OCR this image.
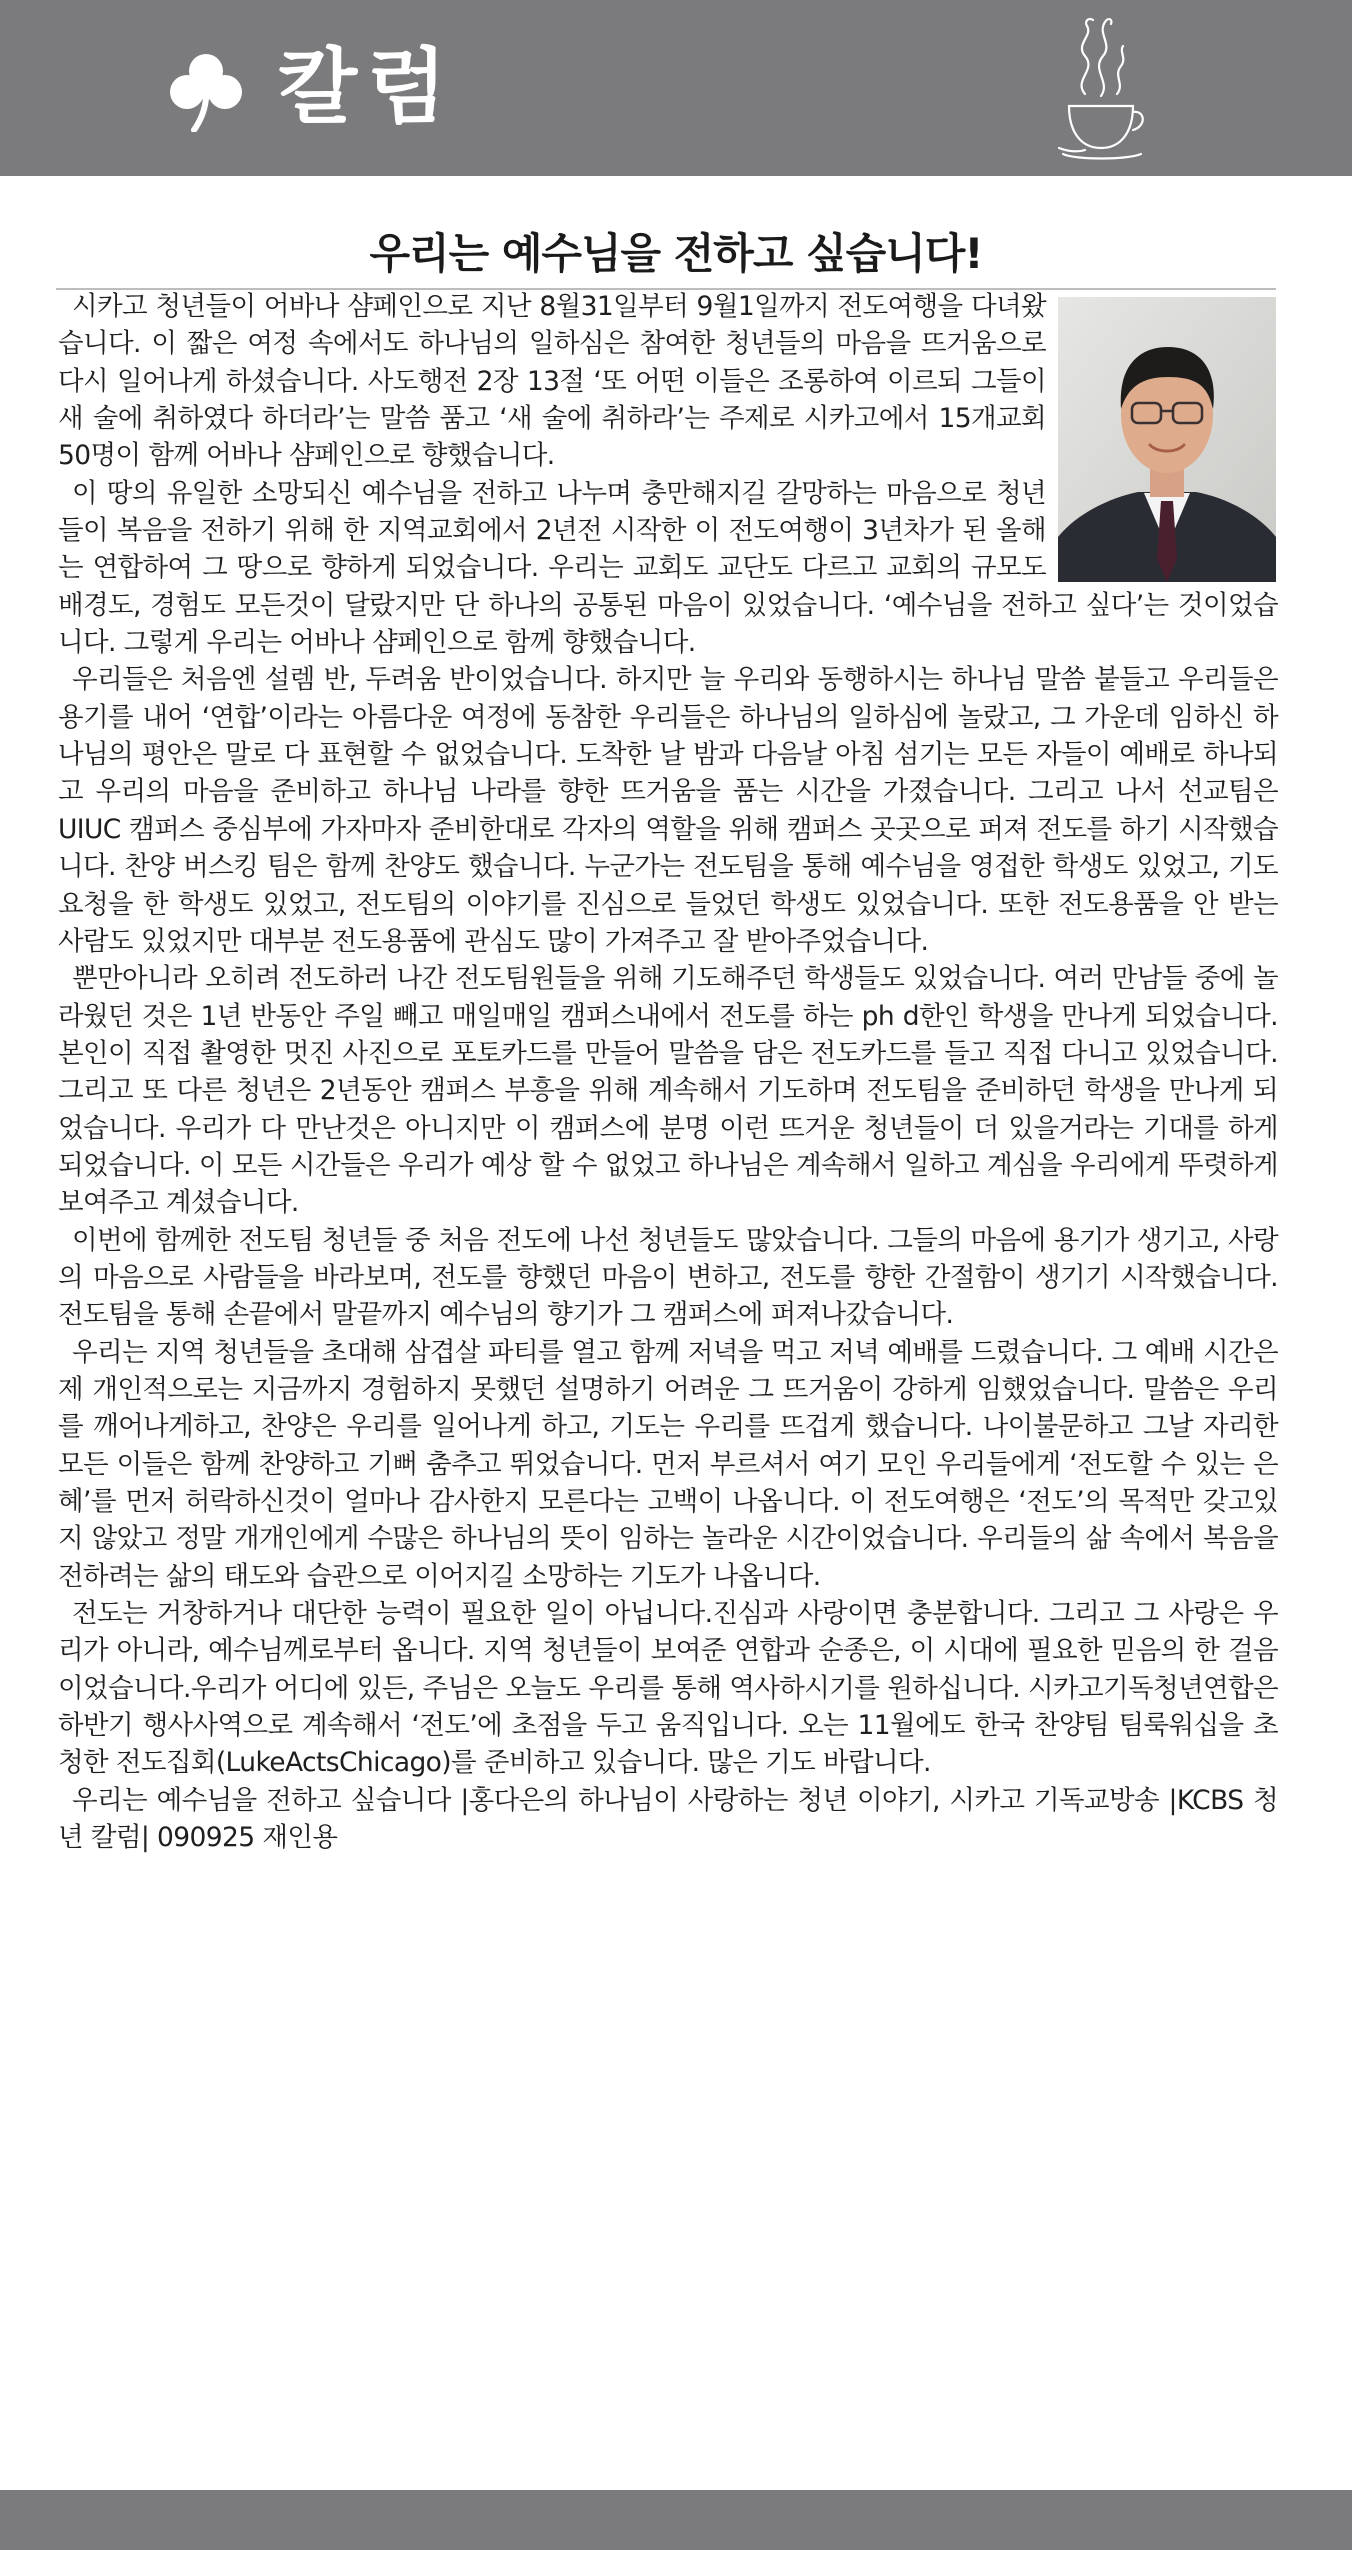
칼럼
우리는 예수님을 전하고 싶습니다!

시카고 청년들이 어바나 샴페인으로 지난 8월31일부터 9월1일까지 전도여행을 다녀왔습니다. 이 짧은 여정 속에서도 하나님의 일하심은 참여한 청년들의 마음을 뜨거움으로 다시 일어나게 하셨습니다. 사도행전 2장 13절 ‘또 어떤 이들은 조롱하여 이르되 그들이 새 술에 취하였다 하더라’는 말씀 품고 ‘새 술에 취하라’는 주제로 시카고에서 15개교회 50명이 함께 어바나 샴페인으로 향했습니다.

이 땅의 유일한 소망되신 예수님을 전하고 나누며 충만해지길 갈망하는 마음으로 청년들이 복음을 전하기 위해 한 지역교회에서 2년전 시작한 이 전도여행이 3년차가 된 올해는 연합하여 그 땅으로 향하게 되었습니다. 우리는 교회도 교단도 다르고 교회의 규모도 배경도, 경험도 모든것이 달랐지만 단 하나의 공통된 마음이 있었습니다. ‘예수님을 전하고 싶다’는 것이었습니다. 그렇게 우리는 어바나 샴페인으로 함께 향했습니다.

우리들은 처음엔 설렘 반, 두려움 반이었습니다. 하지만 늘 우리와 동행하시는 하나님 말씀 붙들고 우리들은 용기를 내어 ‘연합’이라는 아름다운 여정에 동참한 우리들은 하나님의 일하심에 놀랐고, 그 가운데 임하신 하나님의 평안은 말로 다 표현할 수 없었습니다. 도착한 날 밤과 다음날 아침 섬기는 모든 자들이 예배로 하나되고 우리의 마음을 준비하고 하나님 나라를 향한 뜨거움을 품는 시간을 가졌습니다. 그리고 나서 선교팀은 UIUC 캠퍼스 중심부에 가자마자 준비한대로 각자의 역할을 위해 캠퍼스 곳곳으로 퍼져 전도를 하기 시작했습니다. 찬양 버스킹 팀은 함께 찬양도 했습니다. 누군가는 전도팀을 통해 예수님을 영접한 학생도 있었고, 기도요청을 한 학생도 있었고, 전도팀의 이야기를 진심으로 들었던 학생도 있었습니다. 또한 전도용품을 안 받는 사람도 있었지만 대부분 전도용품에 관심도 많이 가져주고 잘 받아주었습니다.

뿐만아니라 오히려 전도하러 나간 전도팀원들을 위해 기도해주던 학생들도 있었습니다. 여러 만남들 중에 놀라웠던 것은 1년 반동안 주일 빼고 매일매일 캠퍼스내에서 전도를 하는 ph d한인 학생을 만나게 되었습니다. 본인이 직접 촬영한 멋진 사진으로 포토카드를 만들어 말씀을 담은 전도카드를 들고 직접 다니고 있었습니다. 그리고 또 다른 청년은 2년동안 캠퍼스 부흥을 위해 계속해서 기도하며 전도팀을 준비하던 학생을 만나게 되었습니다. 우리가 다 만난것은 아니지만 이 캠퍼스에 분명 이런 뜨거운 청년들이 더 있을거라는 기대를 하게 되었습니다. 이 모든 시간들은 우리가 예상 할 수 없었고 하나님은 계속해서 일하고 계심을 우리에게 뚜렷하게 보여주고 계셨습니다.

이번에 함께한 전도팀 청년들 중 처음 전도에 나선 청년들도 많았습니다. 그들의 마음에 용기가 생기고, 사랑의 마음으로 사람들을 바라보며, 전도를 향했던 마음이 변하고, 전도를 향한 간절함이 생기기 시작했습니다. 전도팀을 통해 손끝에서 말끝까지 예수님의 향기가 그 캠퍼스에 퍼져나갔습니다.

우리는 지역 청년들을 초대해 삼겹살 파티를 열고 함께 저녁을 먹고 저녁 예배를 드렸습니다. 그 예배 시간은 제 개인적으로는 지금까지 경험하지 못했던 설명하기 어려운 그 뜨거움이 강하게 임했었습니다. 말씀은 우리를 깨어나게하고, 찬양은 우리를 일어나게 하고, 기도는 우리를 뜨겁게 했습니다. 나이불문하고 그날 자리한 모든 이들은 함께 찬양하고 기뻐 춤추고 뛰었습니다. 먼저 부르셔서 여기 모인 우리들에게 ‘전도할 수 있는 은혜’를 먼저 허락하신것이 얼마나 감사한지 모른다는 고백이 나옵니다. 이 전도여행은 ‘전도’의 목적만 갖고있지 않았고 정말 개개인에게 수많은 하나님의 뜻이 임하는 놀라운 시간이었습니다. 우리들의 삶 속에서 복음을 전하려는 삶의 태도와 습관으로 이어지길 소망하는 기도가 나옵니다.

전도는 거창하거나 대단한 능력이 필요한 일이 아닙니다.진심과 사랑이면 충분합니다. 그리고 그 사랑은 우리가 아니라, 예수님께로부터 옵니다. 지역 청년들이 보여준 연합과 순종은, 이 시대에 필요한 믿음의 한 걸음이었습니다.우리가 어디에 있든, 주님은 오늘도 우리를 통해 역사하시기를 원하십니다. 시카고기독청년연합은 하반기 행사사역으로 계속해서 ‘전도’에 초점을 두고 움직입니다. 오는 11월에도 한국 찬양팀 팀룩워십을 초청한 전도집회(LukeActsChicago)를 준비하고 있습니다. 많은 기도 바랍니다.

우리는 예수님을 전하고 싶습니다 |홍다은의 하나님이 사랑하는 청년 이야기, 시카고 기독교방송 |KCBS 청년 칼럼| 090925 재인용
